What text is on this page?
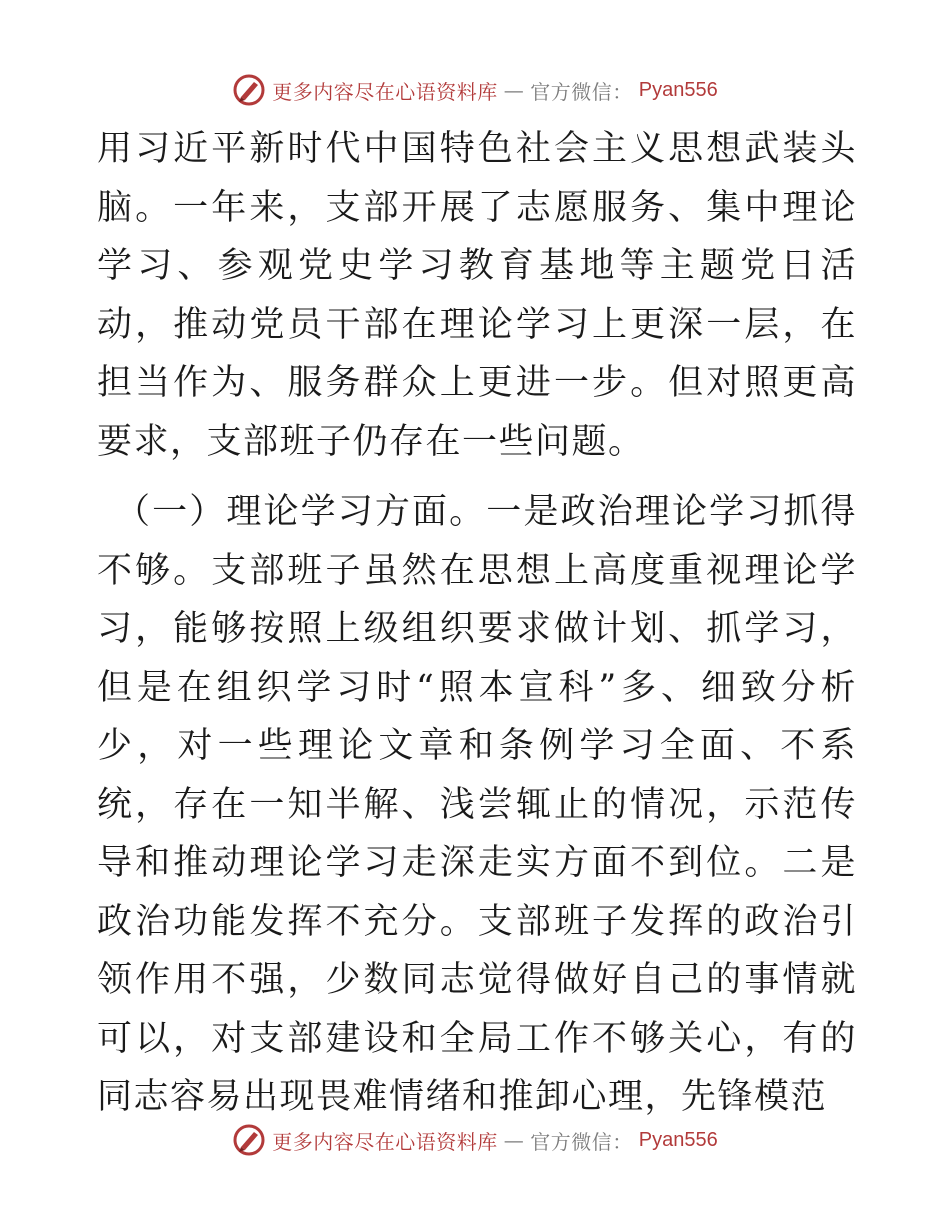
更多内容尽在心语资料库 — 官方微信： Pyan556

用习近平新时代中国特色社会主义思想武装头脑。一年来，支部开展了志愿服务、集中理论学习、参观党史学习教育基地等主题党日活动，推动党员干部在理论学习上更深一层，在担当作为、服务群众上更进一步。但对照更高要求，支部班子仍存在一些问题。

（一）理论学习方面。一是政治理论学习抓得不够。支部班子虽然在思想上高度重视理论学习，能够按照上级组织要求做计划、抓学习，但是在组织学习时“照本宣科”多、细致分析少，对一些理论文章和条例学习全面、不系统，存在一知半解、浅尝辄止的情况，示范传导和推动理论学习走深走实方面不到位。二是政治功能发挥不充分。支部班子发挥的政治引领作用不强，少数同志觉得做好自己的事情就可以，对支部建设和全局工作不够关心，有的同志容易出现畏难情绪和推卸心理，先锋模范

更多内容尽在心语资料库 — 官方微信： Pyan556
